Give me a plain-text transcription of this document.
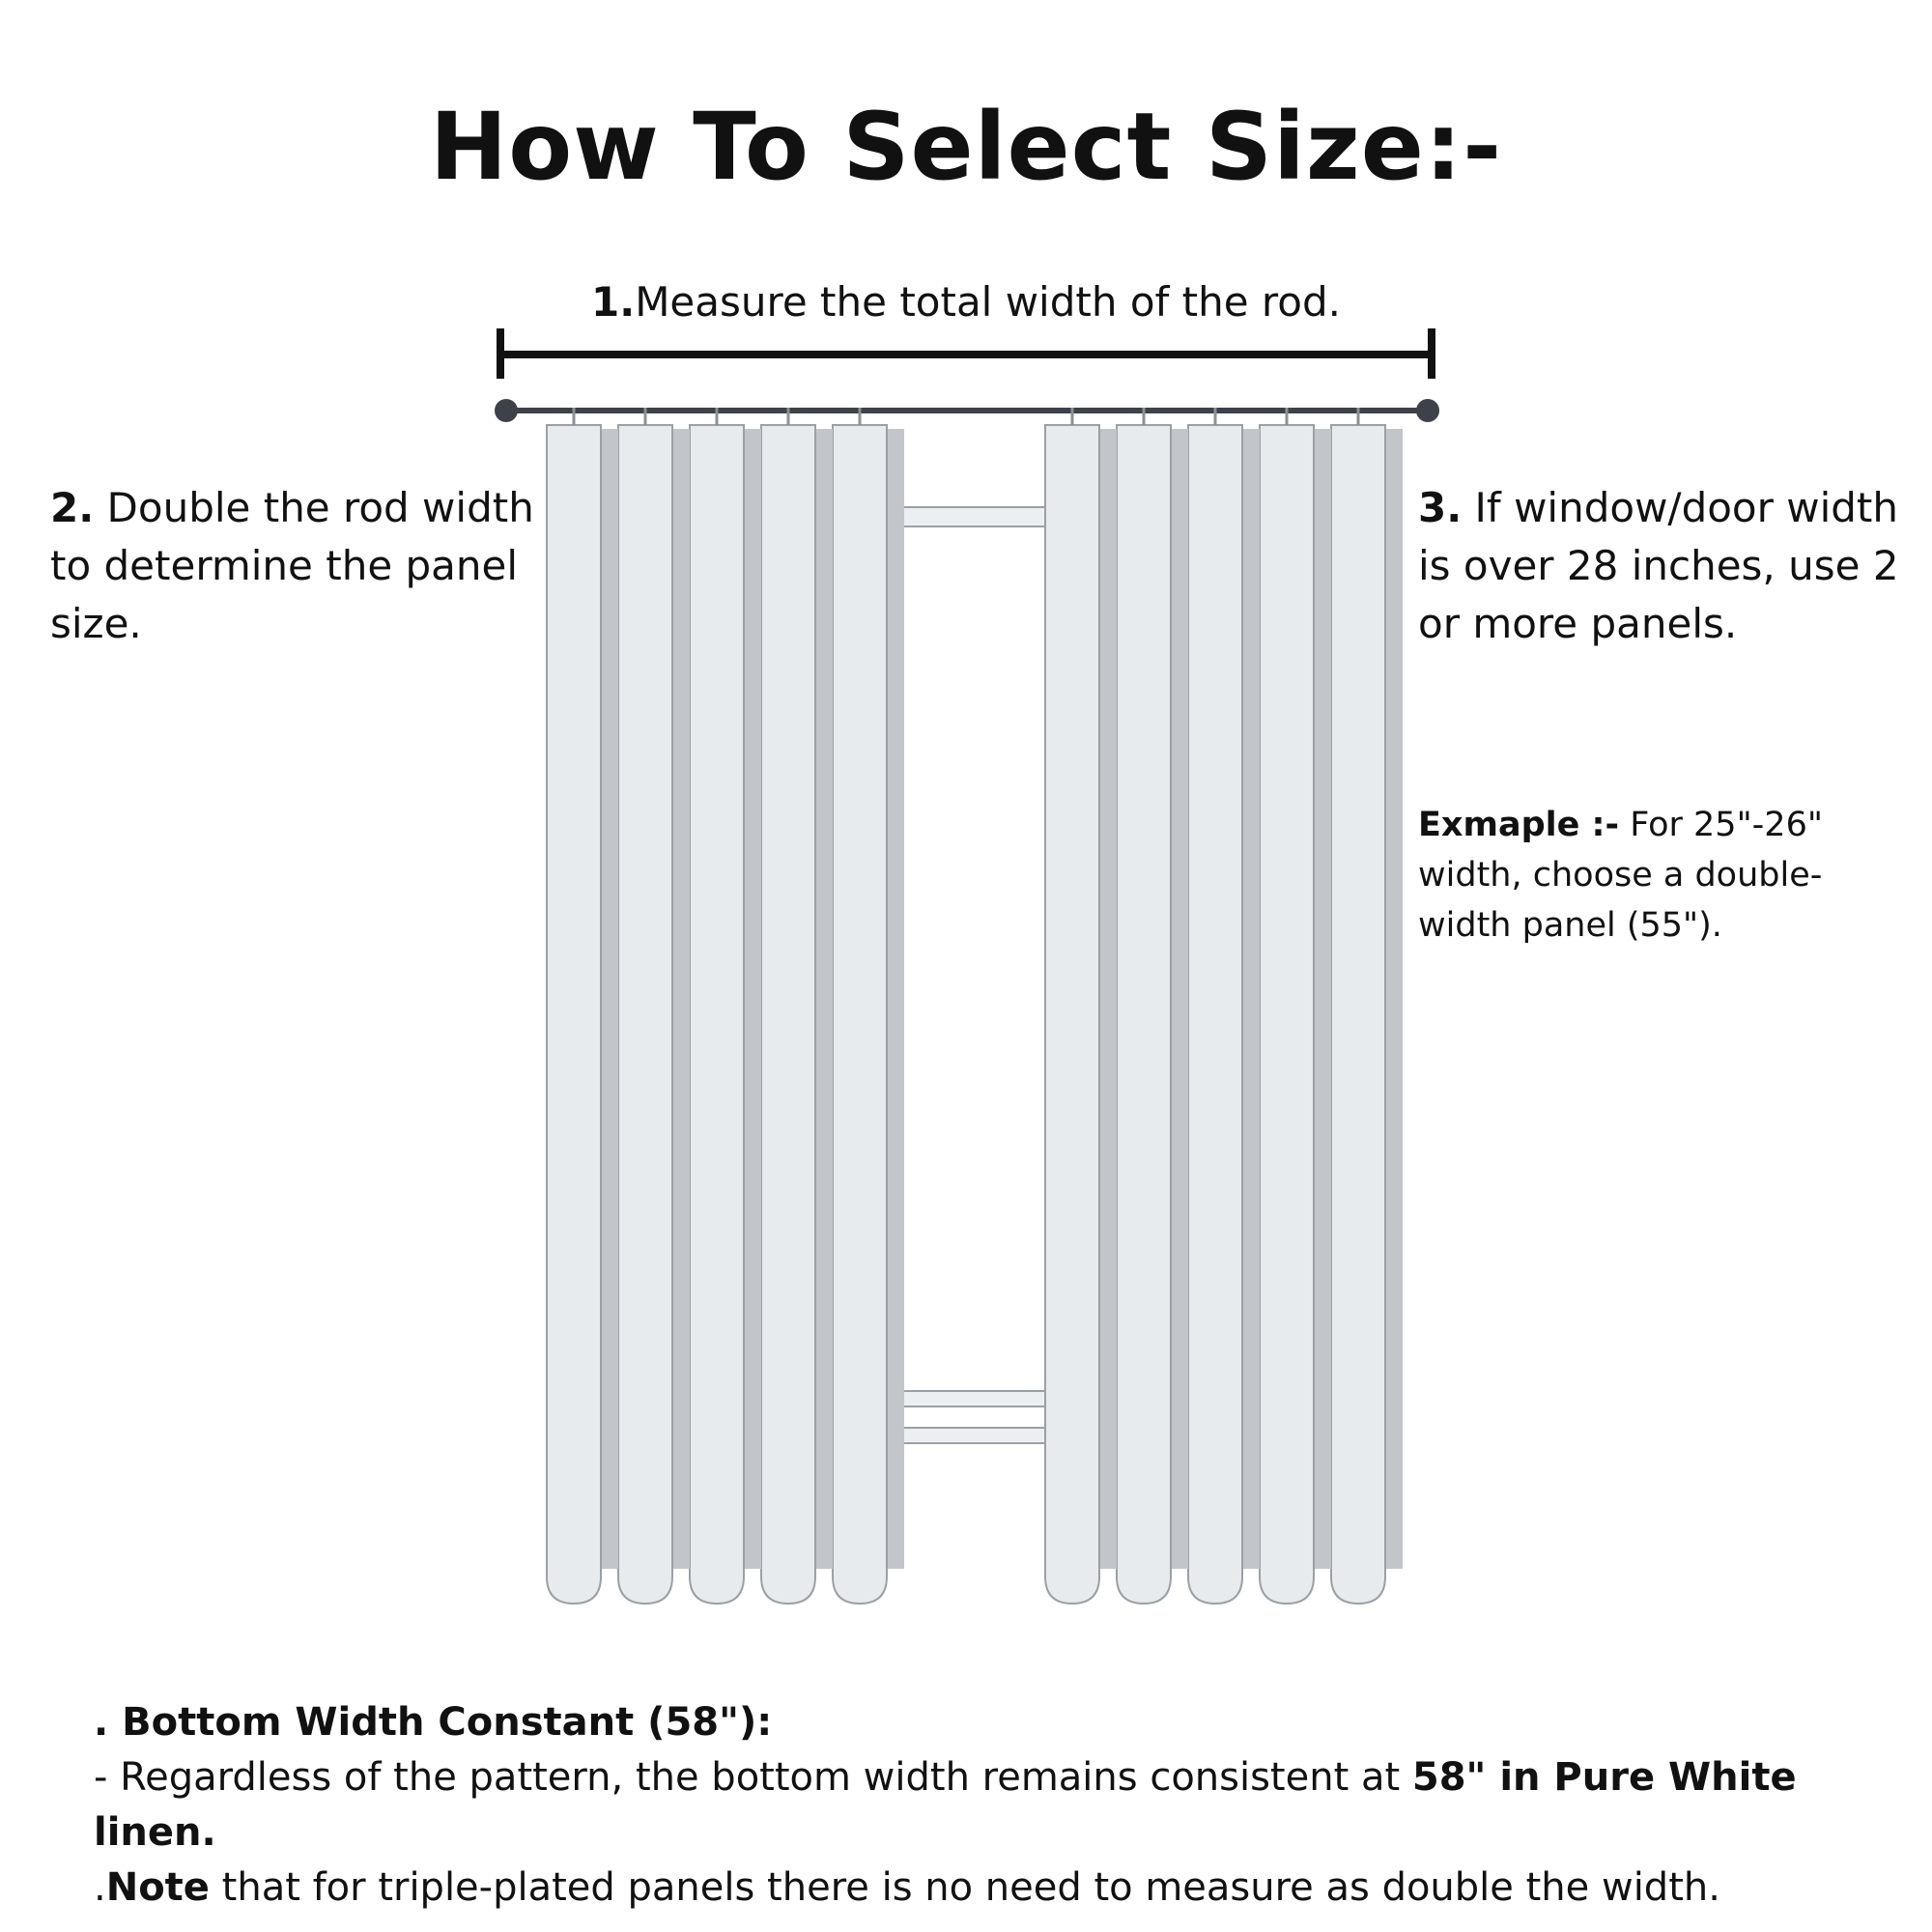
How To Select Size:-
1.Measure the total width of the rod.
2. Double the rod width to determine the panel size.
3. If window/door width is over 28 inches, use 2 or more panels.
Exmaple :- For 25"-26" width, choose a double-width panel (55").
. Bottom Width Constant (58"):
- Regardless of the pattern, the bottom width remains consistent at 58" in Pure White linen.
.Note that for triple-plated panels there is no need to measure as double the width.
